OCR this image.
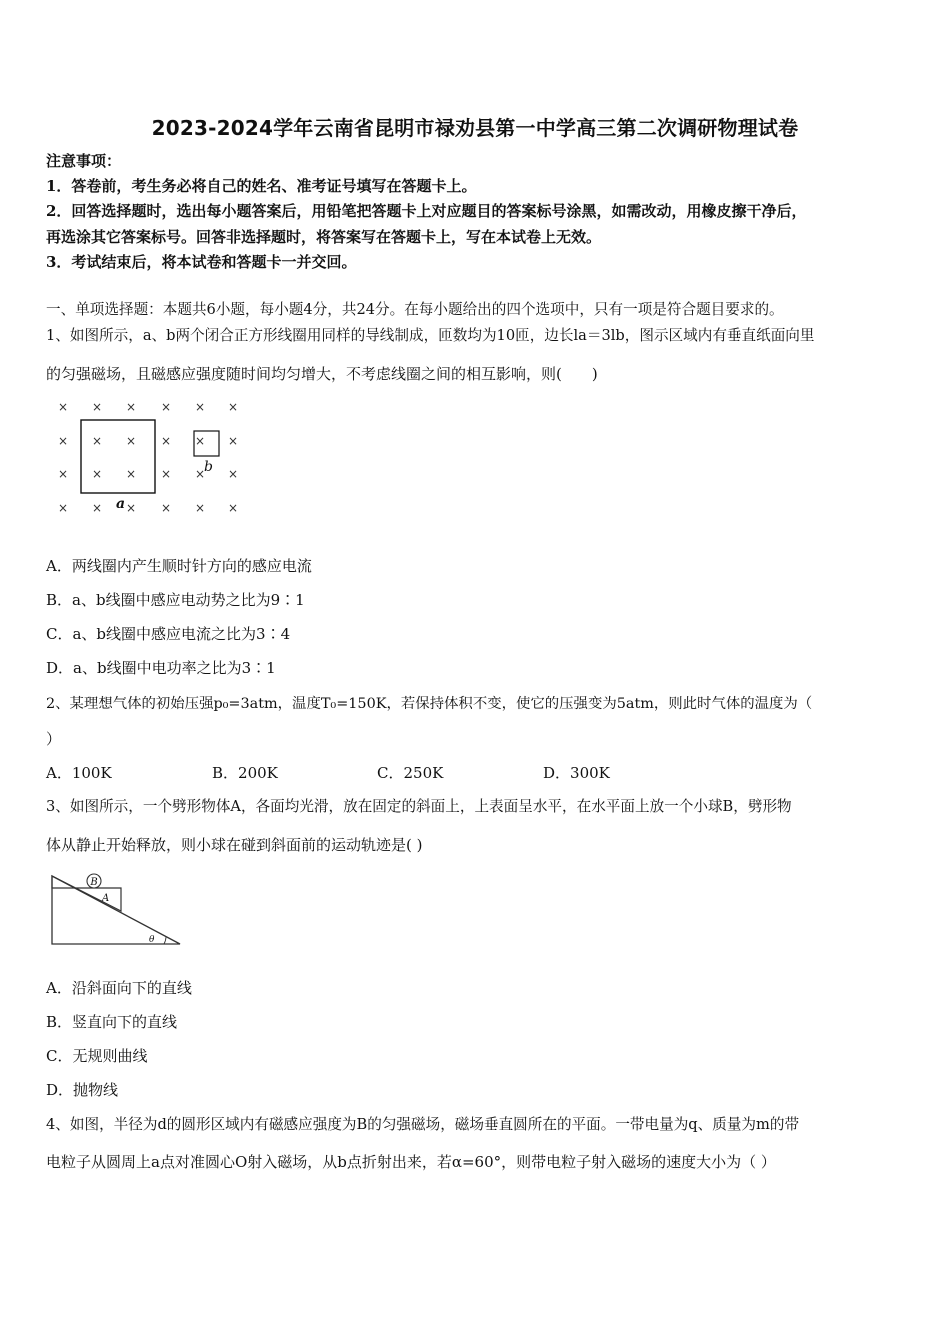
2023-2024学年云南省昆明市禄劝县第一中学高三第二次调研物理试卷
注意事项：
1．答卷前，考生务必将自己的姓名、准考证号填写在答题卡上。
2．回答选择题时，选出每小题答案后，用铅笔把答题卡上对应题目的答案标号涂黑，如需改动，用橡皮擦干净后，
再选涂其它答案标号。回答非选择题时，将答案写在答题卡上，写在本试卷上无效。
3．考试结束后，将本试卷和答题卡一并交回。
一、单项选择题：本题共6小题，每小题4分，共24分。在每小题给出的四个选项中，只有一项是符合题目要求的。
1、如图所示，a、b两个闭合正方形线圈用同样的导线制成，匝数均为10匝，边长la＝3lb，图示区域内有垂直纸面向里
的匀强磁场，且磁感应强度随时间均匀增大，不考虑线圈之间的相互影响，则(　　)
× × × × × ×
× × × × × ×
× × × × × ×
× × × × × ×
a
b
A．两线圈内产生顺时针方向的感应电流
B．a、b线圈中感应电动势之比为9∶1
C．a、b线圈中感应电流之比为3∶4
D．a、b线圈中电功率之比为3∶1
2、某理想气体的初始压强p₀=3atm，温度T₀=150K，若保持体积不变，使它的压强变为5atm，则此时气体的温度为（
）
A．100K	B．200K	C．250K	D．300K
3、如图所示，一个劈形物体A，各面均光滑，放在固定的斜面上，上表面呈水平，在水平面上放一个小球B，劈形物
体从静止开始释放，则小球在碰到斜面前的运动轨迹是( )
B
A
θ
A．沿斜面向下的直线
B．竖直向下的直线
C．无规则曲线
D．抛物线
4、如图，半径为d的圆形区域内有磁感应强度为B的匀强磁场，磁场垂直圆所在的平面。一带电量为q、质量为m的带
电粒子从圆周上a点对准圆心O射入磁场，从b点折射出来，若α=60°，则带电粒子射入磁场的速度大小为（ ）
